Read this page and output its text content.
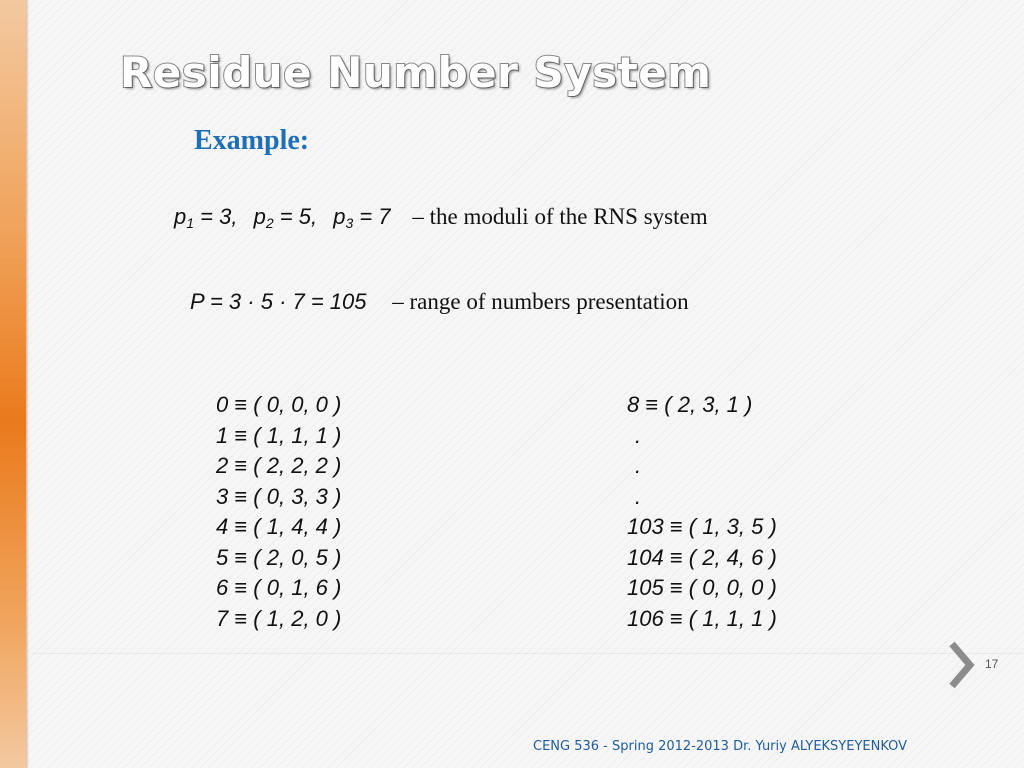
Residue Number System
Example:
$p_1 = 3$, $p_2 = 5$, $p_3 = 7$ – the moduli of the RNS system
P = 3 · 5 · 7 = 105 – range of numbers presentation
0 ≡ ( 0, 0, 0 )
1 ≡ ( 1, 1, 1 )
2 ≡ ( 2, 2, 2 )
3 ≡ ( 0, 3, 3 )
4 ≡ ( 1, 4, 4 )
5 ≡ ( 2, 0, 5 )
6 ≡ ( 0, 1, 6 )
7 ≡ ( 1, 2, 0 )
8 ≡ ( 2, 3, 1 )
.
.
.
103 ≡ ( 1, 3, 5 )
104 ≡ ( 2, 4, 6 )
105 ≡ ( 0, 0, 0 )
106 ≡ ( 1, 1, 1 )
17
CENG 536 - Spring 2012-2013 Dr. Yuriy ALYEKSYEYENKOV
